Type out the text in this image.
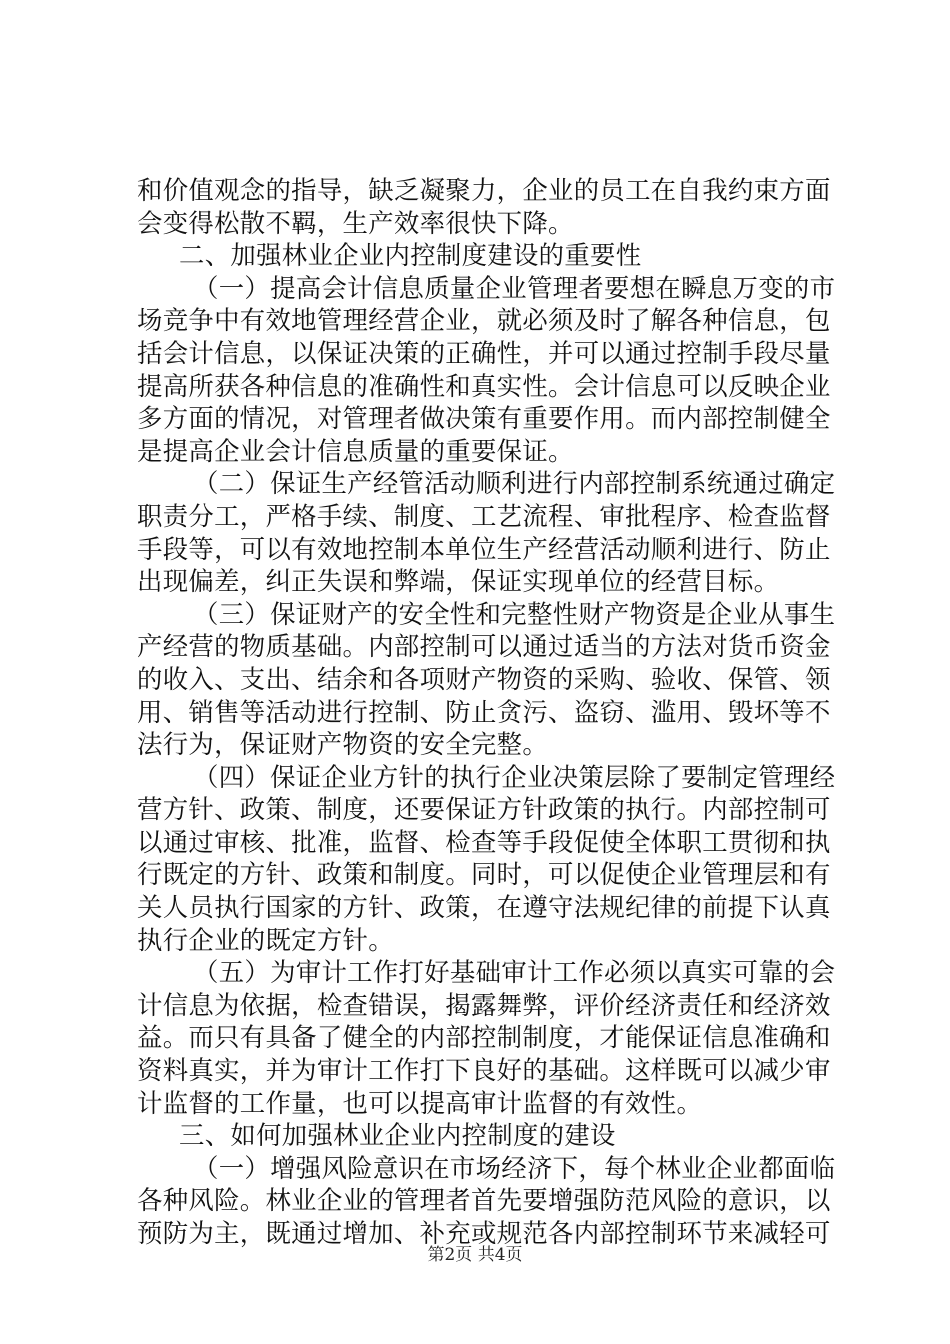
和价值观念的指导，缺乏凝聚力，企业的员工在自我约束方面
会变得松散不羁，生产效率很快下降。
二、加强林业企业内控制度建设的重要性
（一）提高会计信息质量企业管理者要想在瞬息万变的市
场竞争中有效地管理经营企业，就必须及时了解各种信息，包
括会计信息，以保证决策的正确性，并可以通过控制手段尽量
提高所获各种信息的准确性和真实性。会计信息可以反映企业
多方面的情况，对管理者做决策有重要作用。而内部控制健全
是提高企业会计信息质量的重要保证。
（二）保证生产经管活动顺利进行内部控制系统通过确定
职责分工，严格手续、制度、工艺流程、审批程序、检查监督
手段等，可以有效地控制本单位生产经营活动顺利进行、防止
出现偏差，纠正失误和弊端，保证实现单位的经营目标。
（三）保证财产的安全性和完整性财产物资是企业从事生
产经营的物质基础。内部控制可以通过适当的方法对货币资金
的收入、支出、结余和各项财产物资的采购、验收、保管、领
用、销售等活动进行控制、防止贪污、盗窃、滥用、毁坏等不
法行为，保证财产物资的安全完整。
（四）保证企业方针的执行企业决策层除了要制定管理经
营方针、政策、制度，还要保证方针政策的执行。内部控制可
以通过审核、批准，监督、检查等手段促使全体职工贯彻和执
行既定的方针、政策和制度。同时，可以促使企业管理层和有
关人员执行国家的方针、政策，在遵守法规纪律的前提下认真
执行企业的既定方针。
（五）为审计工作打好基础审计工作必须以真实可靠的会
计信息为依据，检查错误，揭露舞弊，评价经济责任和经济效
益。而只有具备了健全的内部控制制度，才能保证信息准确和
资料真实，并为审计工作打下良好的基础。这样既可以减少审
计监督的工作量，也可以提高审计监督的有效性。
三、如何加强林业企业内控制度的建设
（一）增强风险意识在市场经济下，每个林业企业都面临
各种风险。林业企业的管理者首先要增强防范风险的意识，以
预防为主，既通过增加、补充或规范各内部控制环节来减轻可
第2页 共4页
